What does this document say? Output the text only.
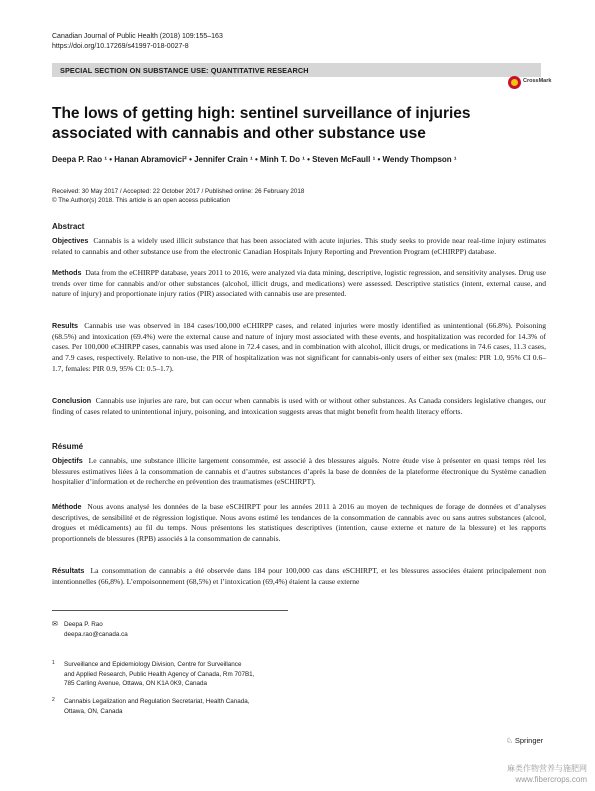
Canadian Journal of Public Health (2018) 109:155–163
https://doi.org/10.17269/s41997-018-0027-8
SPECIAL SECTION ON SUBSTANCE USE: QUANTITATIVE RESEARCH
CrossMark
The lows of getting high: sentinel surveillance of injuries associated with cannabis and other substance use
Deepa P. Rao ¹ • Hanan Abramovici² • Jennifer Crain ¹ • Minh T. Do ¹ • Steven McFaull ¹ • Wendy Thompson ¹
Received: 30 May 2017 / Accepted: 22 October 2017 / Published online: 26 February 2018
© The Author(s) 2018. This article is an open access publication
Abstract
Objectives Cannabis is a widely used illicit substance that has been associated with acute injuries. This study seeks to provide near real-time injury estimates related to cannabis and other substance use from the electronic Canadian Hospitals Injury Reporting and Prevention Program (eCHIRPP) database.
Methods Data from the eCHIRPP database, years 2011 to 2016, were analyzed via data mining, descriptive, logistic regression, and sensitivity analyses. Drug use trends over time for cannabis and/or other substances (alcohol, illicit drugs, and medications) were assessed. Descriptive statistics (intent, external cause, and nature of injury) and proportionate injury ratios (PIR) associated with cannabis use are presented.
Results Cannabis use was observed in 184 cases/100,000 eCHIRPP cases, and related injuries were mostly identified as unintentional (66.8%). Poisoning (68.5%) and intoxication (69.4%) were the external cause and nature of injury most associated with these events, and hospitalization was recorded for 14.3% of cases. Per 100,000 eCHIRPP cases, cannabis was used alone in 72.4 cases, and in combination with alcohol, illicit drugs, or medications in 74.6 cases, 11.3 cases, and 7.9 cases, respectively. Relative to non-use, the PIR of hospitalization was not significant for cannabis-only users of either sex (males: PIR 1.0, 95% CI 0.6–1.7, females: PIR 0.9, 95% CI: 0.5–1.7).
Conclusion Cannabis use injuries are rare, but can occur when cannabis is used with or without other substances. As Canada considers legislative changes, our finding of cases related to unintentional injury, poisoning, and intoxication suggests areas that might benefit from health literacy efforts.
Résumé
Objectifs Le cannabis, une substance illicite largement consommée, est associé à des blessures aiguës. Notre étude vise à présenter en quasi temps réel les blessures estimatives liées à la consommation de cannabis et d’autres substances d’après la base de données de la plateforme électronique du Système canadien hospitalier d’information et de recherche en prévention des traumatismes (eSCHIRPT).
Méthode Nous avons analysé les données de la base eSCHIRPT pour les années 2011 à 2016 au moyen de techniques de forage de données et d’analyses descriptives, de sensibilité et de régression logistique. Nous avons estimé les tendances de la consommation de cannabis avec ou sans autres substances (alcool, drogues et médicaments) au fil du temps. Nous présentons les statistiques descriptives (intention, cause externe et nature de la blessure) et les rapports proportionnels de blessures (RPB) associés à la consommation de cannabis.
Résultats La consommation de cannabis a été observée dans 184 pour 100,000 cas dans eSCHIRPT, et les blessures associées étaient principalement non intentionnelles (66,8%). L’empoisonnement (68,5%) et l’intoxication (69,4%) étaient la cause externe
✉ Deepa P. Rao
deepa.rao@canada.ca
1 Surveillance and Epidemiology Division, Centre for Surveillance
and Applied Research, Public Health Agency of Canada, Rm 707B1,
785 Carling Avenue, Ottawa, ON K1A 0K9, Canada
2 Cannabis Legalization and Regulation Secretariat, Health Canada,
Ottawa, ON, Canada
♘ Springer
麻类作物营养与施肥网
www.fibercrops.com
